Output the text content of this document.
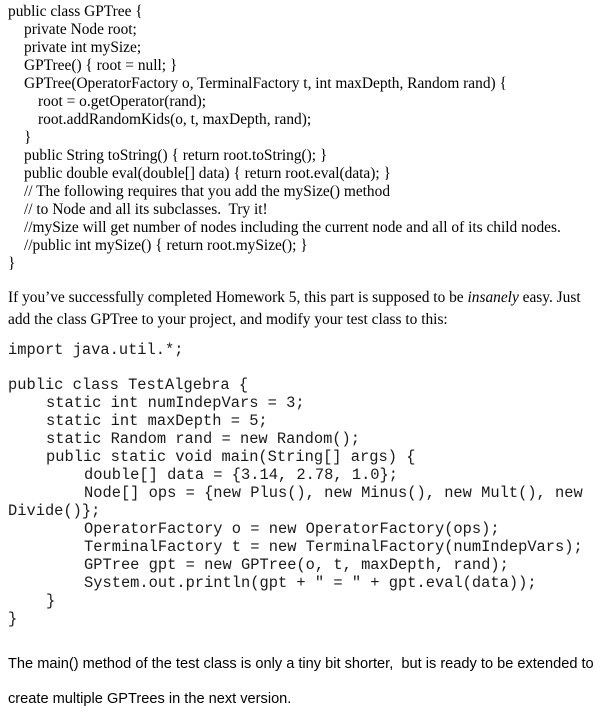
public class GPTree {
private Node root;
private int mySize;
GPTree() { root = null; }
GPTree(OperatorFactory o, TerminalFactory t, int maxDepth, Random rand) {
root = o.getOperator(rand);
root.addRandomKids(o, t, maxDepth, rand);
}
public String toString() { return root.toString(); }
public double eval(double[] data) { return root.eval(data); }
// The following requires that you add the mySize() method
// to Node and all its subclasses.  Try it!
//mySize will get number of nodes including the current node and all of its child nodes.
//public int mySize() { return root.mySize(); }
}
If you’ve successfully completed Homework 5, this part is supposed to be insanely easy. Just add the class GPTree to your project, and modify your test class to this:
import java.util.*;
public class TestAlgebra {
static int numIndepVars = 3;
static int maxDepth = 5;
static Random rand = new Random();
public static void main(String[] args) {
double[] data = {3.14, 2.78, 1.0};
Node[] ops = {new Plus(), new Minus(), new Mult(), new
Divide()};
OperatorFactory o = new OperatorFactory(ops);
TerminalFactory t = new TerminalFactory(numIndepVars);
GPTree gpt = new GPTree(o, t, maxDepth, rand);
System.out.println(gpt + " = " + gpt.eval(data));
}
}
The main() method of the test class is only a tiny bit shorter,  but is ready to be extended to
create multiple GPTrees in the next version.
